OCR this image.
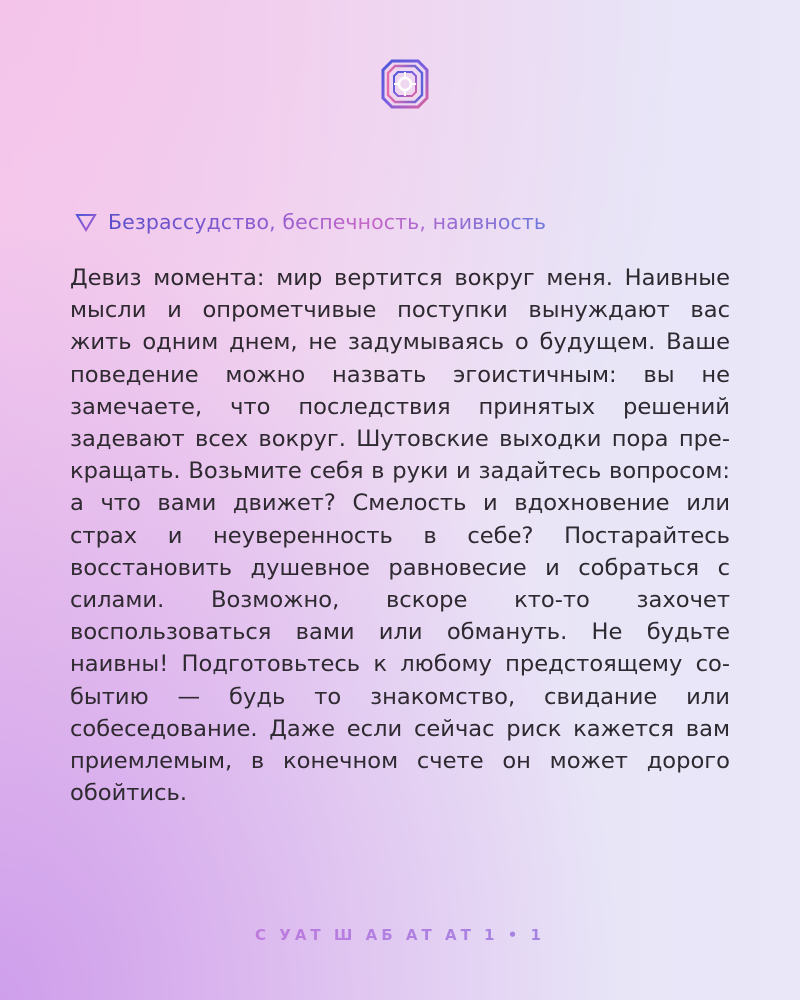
Безрассудство, беспечность, наивность
Девиз момента: мир вертится вокруг меня. Наивные мысли и опрометчивые поступки вынуждают вас жить одним днем, не задумываясь о будущем. Ваше поведение можно назвать эгоистичным: вы не замечаете, что последствия принятых решений задевают всех вокруг. Шутовские выходки пора прекращать. Возьмите себя в руки и задайтесь вопросом: а что вами движет? Смелость и вдохновение или страх и неуверенность в себе? Постарайтесь восстановить душевное равновесие и собраться с силами. Возможно, вскоре кто-то захочет воспользоваться вами или обмануть. Не будьте наивны! Подготовьтесь к любому предстоящему событию — будь то знакомство, свидание или собеседование. Даже если сейчас риск кажется вам приемлемым, в конечном счете он может дорого обойтись.
С УАТ Ш АБ АТ АТ 1 • 1
